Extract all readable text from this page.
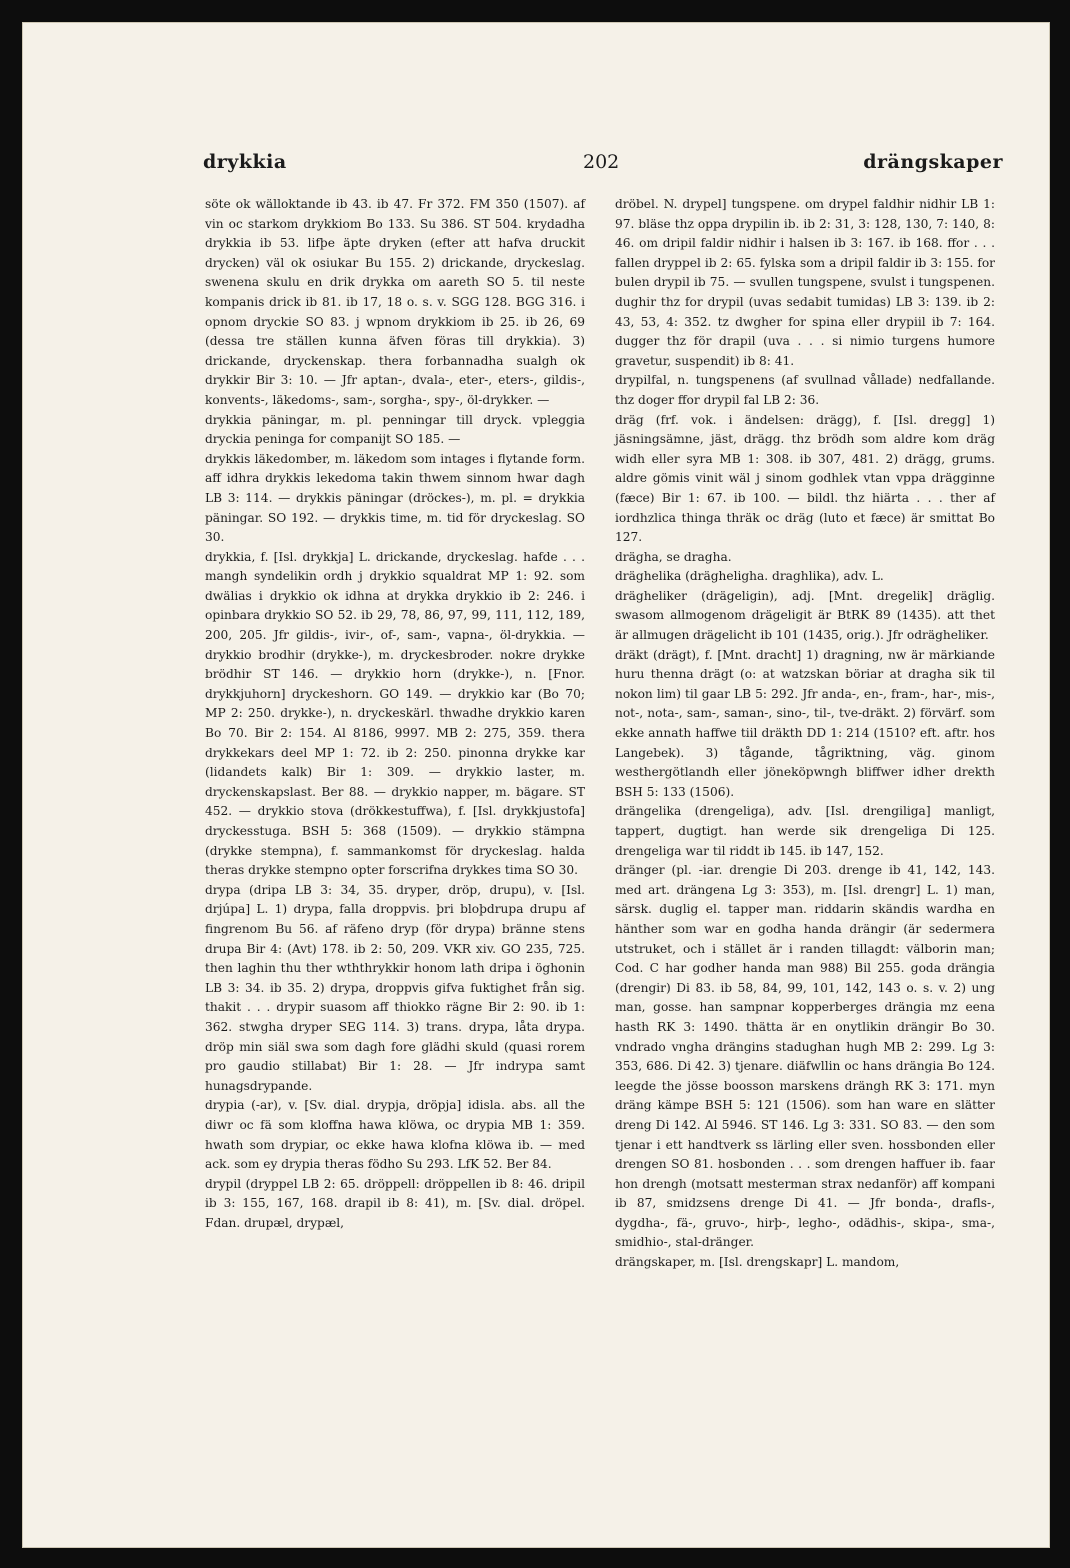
drykkia	202	drängskaper

söte ok wälloktande ib 43. ib 47. Fr 372. FM 350 (1507). af vin oc starkom drykkiom Bo 133. Su 386. ST 504. krydadha drykkia ib 53. lifþe äpte dryken (efter att hafva druckit drycken) väl ok osiukar Bu 155. 2) drickande, dryckeslag. swenena skulu en drik drykka om aareth SO 5. til neste kompanis drick ib 81. ib 17, 18 o. s. v. SGG 128. BGG 316. i opnom dryckie SO 83. j wpnom drykkiom ib 25. ib 26, 69 (dessa tre ställen kunna äfven föras till drykkia). 3) drickande, dryckenskap. thera forbannadha sualgh ok drykkir Bir 3: 10. — Jfr aptan-, dvala-, eter-, eters-, gildis-, konvents-, läkedoms-, sam-, sorgha-, spy-, öl-drykker. —

drykkia päningar, m. pl. penningar till dryck. vpleggia dryckia peninga for companijt SO 185. —

drykkis läkedomber, m. läkedom som intages i flytande form. aff idhra drykkis lekedoma takin thwem sinnom hwar dagh LB 3: 114. — drykkis päningar (dröckes-), m. pl. = drykkia päningar. SO 192. — drykkis time, m. tid för dryckeslag. SO 30.

drykkia, f. [Isl. drykkja] L. drickande, dryckeslag. hafde . . . mangh syndelikin ordh j drykkio squaldrat MP 1: 92. som dwälias i drykkio ok idhna at drykka drykkio ib 2: 246. i opinbara drykkio SO 52. ib 29, 78, 86, 97, 99, 111, 112, 189, 200, 205. Jfr gildis-, ivir-, of-, sam-, vapna-, öl-drykkia. — drykkio brodhir (drykke-), m. dryckesbroder. nokre drykke brödhir ST 146. — drykkio horn (drykke-), n. [Fnor. drykkjuhorn] dryckeshorn. GO 149. — drykkio kar (Bo 70; MP 2: 250. drykke-), n. dryckeskärl. thwadhe drykkio karen Bo 70. Bir 2: 154. Al 8186, 9997. MB 2: 275, 359. thera drykkekars deel MP 1: 72. ib 2: 250. pinonna drykke kar (lidandets kalk) Bir 1: 309. — drykkio laster, m. dryckenskapslast. Ber 88. — drykkio napper, m. bägare. ST 452. — drykkio stova (drökkestuffwa), f. [Isl. drykkjustofa] dryckesstuga. BSH 5: 368 (1509). — drykkio stämpna (drykke stempna), f. sammankomst för dryckeslag. halda theras drykke stempno opter forscrifna drykkes tima SO 30.

drypa (dripa LB 3: 34, 35. dryper, dröp, drupu), v. [Isl. drjúpa] L. 1) drypa, falla droppvis. þri bloþdrupa drupu af fingrenom Bu 56. af räfeno dryp (för drypa) bränne stens drupa Bir 4: (Avt) 178. ib 2: 50, 209. VKR xiv. GO 235, 725. then laghin thu ther wththrykkir honom lath dripa i öghonin LB 3: 34. ib 35. 2) drypa, droppvis gifva fuktighet från sig. thakit . . . drypir suasom aff thiokko rägne Bir 2: 90. ib 1: 362. stwgha dryper SEG 114. 3) trans. drypa, låta drypa. dröp min siäl swa som dagh fore glädhi skuld (quasi rorem pro gaudio stillabat) Bir 1: 28. — Jfr indrypa samt hunagsdrypande.

drypia (-ar), v. [Sv. dial. drypja, dröpja] idisla. abs. all the diwr oc fä som kloffna hawa klöwa, oc drypia MB 1: 359. hwath som drypiar, oc ekke hawa klofna klöwa ib. — med ack. som ey drypia theras födho Su 293. LfK 52. Ber 84.

drypil (dryppel LB 2: 65. dröppell: dröppellen ib 8: 46. dripil ib 3: 155, 167, 168. drapil ib 8: 41), m. [Sv. dial. dröpel. Fdan. drupæl, drypæl,

dröbel. N. drypel] tungspene. om drypel faldhir nidhir LB 1: 97. bläse thz oppa drypilin ib. ib 2: 31, 3: 128, 130, 7: 140, 8: 46. om dripil faldir nidhir i halsen ib 3: 167. ib 168. ffor . . . fallen dryppel ib 2: 65. fylska som a dripil faldir ib 3: 155. for bulen drypil ib 75. — svullen tungspene, svulst i tungspenen. dughir thz for drypil (uvas sedabit tumidas) LB 3: 139. ib 2: 43, 53, 4: 352. tz dwgher for spina eller drypiil ib 7: 164. dugger thz för drapil (uva . . . si nimio turgens humore gravetur, suspendit) ib 8: 41.

drypilfal, n. tungspenens (af svullnad vållade) nedfallande. thz doger ffor drypil fal LB 2: 36.

dräg (frf. vok. i ändelsen: drägg), f. [Isl. dregg] 1) jäsningsämne, jäst, drägg. thz brödh som aldre kom dräg widh eller syra MB 1: 308. ib 307, 481. 2) drägg, grums. aldre gömis vinit wäl j sinom godhlek vtan vppa drägginne (fæce) Bir 1: 67. ib 100. — bildl. thz hiärta . . . ther af iordhzlica thinga thräk oc dräg (luto et fæce) är smittat Bo 127.

drägha, se dragha.

dräghelika (dräghelighа. draghlika), adv. L.

drägheliker (drägeligin), adj. [Mnt. dregelik] dräglig. swasom allmogenom drägeligit är BtRK 89 (1435). att thet är allmugen drägelicht ib 101 (1435, orig.). Jfr odrägheliker.

dräkt (drägt), f. [Mnt. dracht] 1) dragning, nw är märkiande huru thenna drägt (o: at watzskan böriar at dragha sik til nokon lim) til gaar LB 5: 292. Jfr anda-, en-, fram-, har-, mis-, not-, nota-, sam-, saman-, sino-, til-, tve-dräkt. 2) förvärf. som ekke annath haffwe tiil dräkth DD 1: 214 (1510? eft. aftr. hos Langebek). 3) tågande, tågriktning, väg. ginom westhergötlandh eller jöneköpwngh bliffwer idher drekth BSH 5: 133 (1506).

drängelika (drengeliga), adv. [Isl. drengiliga] manligt, tappert, dugtigt. han werde sik drengeliga Di 125. drengeliga war til riddt ib 145. ib 147, 152.

dränger (pl. -iar. drengie Di 203. drenge ib 41, 142, 143. med art. drängena Lg 3: 353), m. [Isl. drengr] L. 1) man, särsk. duglig el. tapper man. riddarin skändis wardha en hänther som war en godha handa drängir (är sedermera utstruket, och i stället är i randen tillagdt: välborin man; Cod. C har godher handa man 988) Bil 255. goda drängia (drengir) Di 83. ib 58, 84, 99, 101, 142, 143 o. s. v. 2) ung man, gosse. han sampnar kopperberges drängia mz eena hasth RK 3: 1490. thätta är en onytlikin drängir Bo 30. vndrado vngha drängins stadughan hugh MB 2: 299. Lg 3: 353, 686. Di 42. 3) tjenare. diäfwllin oc hans drängia Bo 124. leegde the jösse boosson marskens drängh RK 3: 171. myn dräng kämpe BSH 5: 121 (1506). som han ware en slätter dreng Di 142. Al 5946. ST 146. Lg 3: 331. SO 83. — den som tjenar i ett handtverk ss lärling eller sven. hossbonden eller drengen SO 81. hosbonden . . . som drengen haffuer ib. faar hon drengh (motsatt mesterman strax nedanför) aff kompani ib 87, smidzsens drenge Di 41. — Jfr bonda-, drafls-, dygdha-, fä-, gruvo-, hirþ-, legho-, odädhis-, skipa-, sma-, smidhio-, stal-dränger.

drängskaper, m. [Isl. drengskapr] L. mandom,
